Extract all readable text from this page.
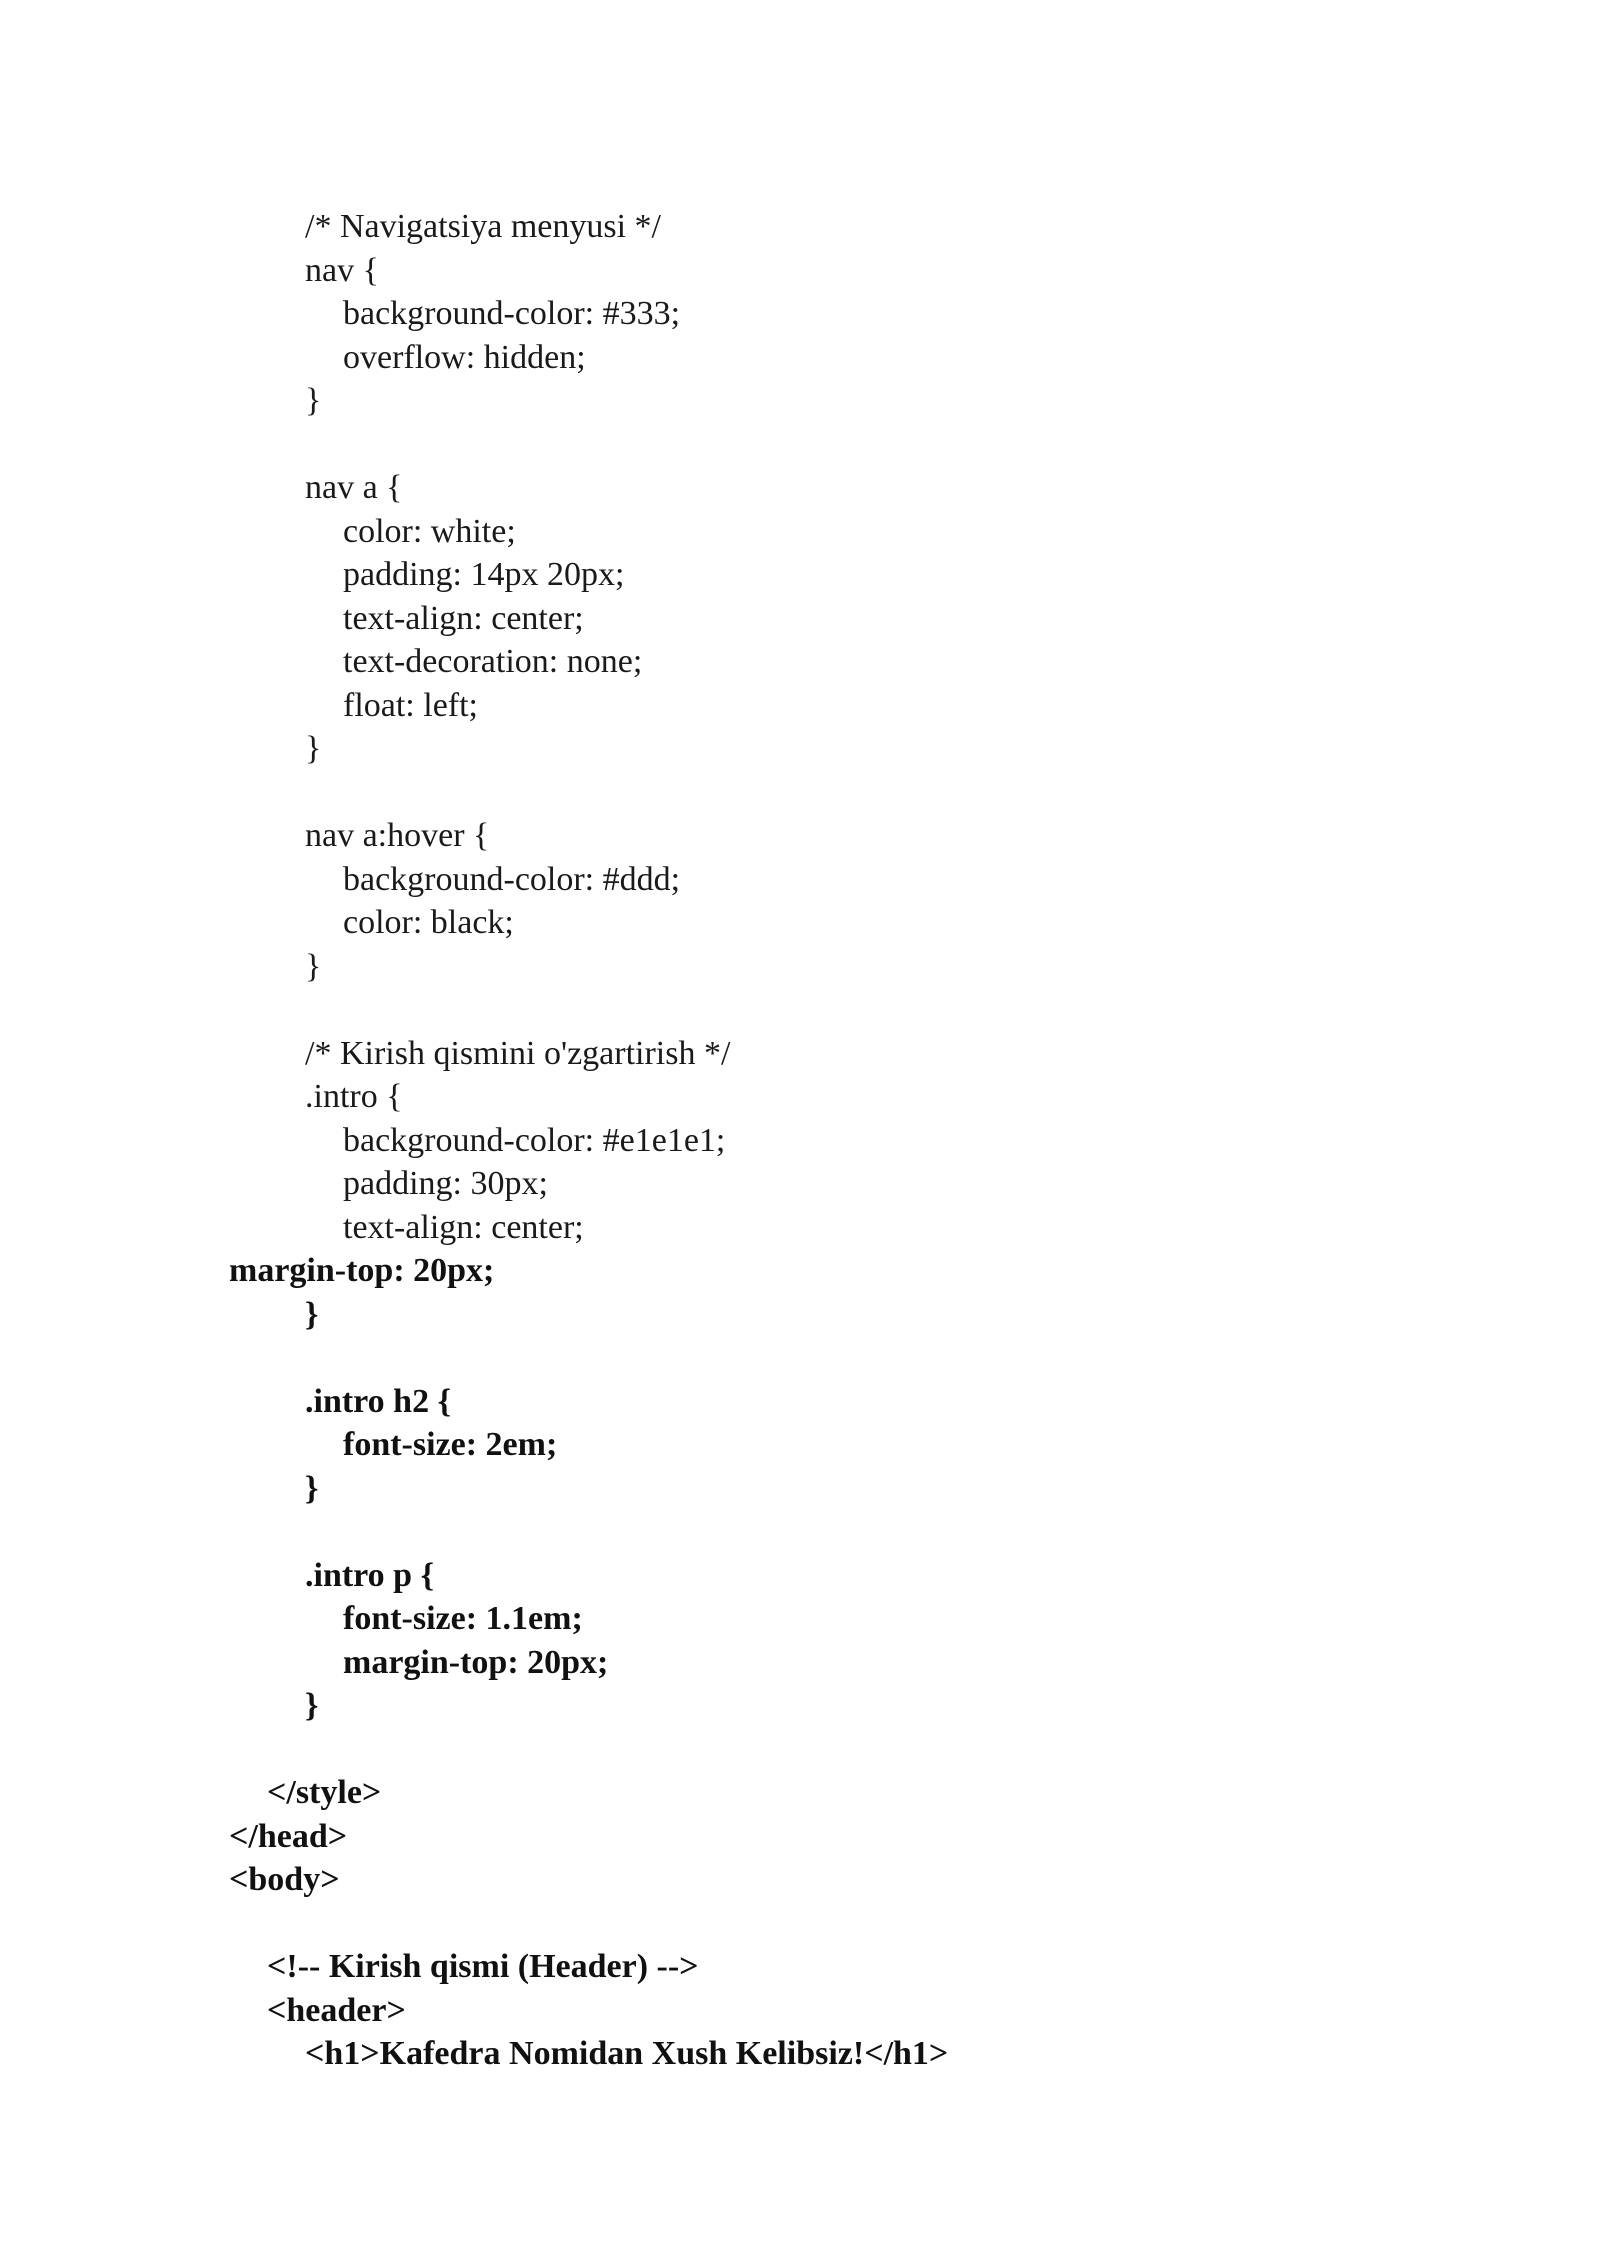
/* Navigatsiya menyusi */
nav {
background-color: #333;
overflow: hidden;
}
nav a {
color: white;
padding: 14px 20px;
text-align: center;
text-decoration: none;
float: left;
}
nav a:hover {
background-color: #ddd;
color: black;
}
/* Kirish qismini o'zgartirish */
.intro {
background-color: #e1e1e1;
padding: 30px;
text-align: center;
margin-top: 20px;
}
.intro h2 {
font-size: 2em;
}
.intro p {
font-size: 1.1em;
margin-top: 20px;
}
</style>
</head>
<body>
<!-- Kirish qismi (Header) -->
<header>
<h1>Kafedra Nomidan Xush Kelibsiz!</h1>
